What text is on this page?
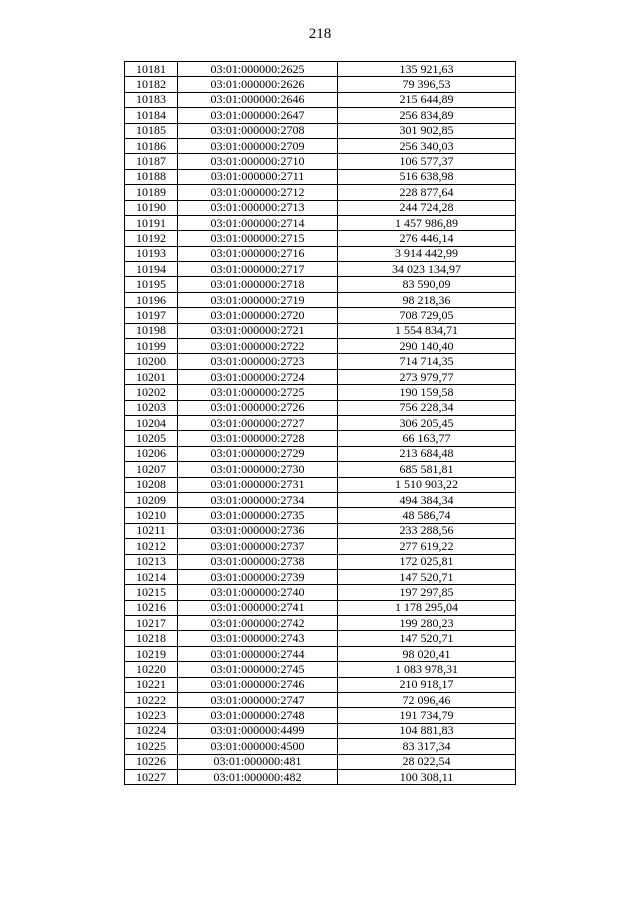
218
10181	03:01:000000:2625	135 921,63
10182	03:01:000000:2626	79 396,53
10183	03:01:000000:2646	215 644,89
10184	03:01:000000:2647	256 834,89
10185	03:01:000000:2708	301 902,85
10186	03:01:000000:2709	256 340,03
10187	03:01:000000:2710	106 577,37
10188	03:01:000000:2711	516 638,98
10189	03:01:000000:2712	228 877,64
10190	03:01:000000:2713	244 724,28
10191	03:01:000000:2714	1 457 986,89
10192	03:01:000000:2715	276 446,14
10193	03:01:000000:2716	3 914 442,99
10194	03:01:000000:2717	34 023 134,97
10195	03:01:000000:2718	83 590,09
10196	03:01:000000:2719	98 218,36
10197	03:01:000000:2720	708 729,05
10198	03:01:000000:2721	1 554 834,71
10199	03:01:000000:2722	290 140,40
10200	03:01:000000:2723	714 714,35
10201	03:01:000000:2724	273 979,77
10202	03:01:000000:2725	190 159,58
10203	03:01:000000:2726	756 228,34
10204	03:01:000000:2727	306 205,45
10205	03:01:000000:2728	66 163,77
10206	03:01:000000:2729	213 684,48
10207	03:01:000000:2730	685 581,81
10208	03:01:000000:2731	1 510 903,22
10209	03:01:000000:2734	494 384,34
10210	03:01:000000:2735	48 586,74
10211	03:01:000000:2736	233 288,56
10212	03:01:000000:2737	277 619,22
10213	03:01:000000:2738	172 025,81
10214	03:01:000000:2739	147 520,71
10215	03:01:000000:2740	197 297,85
10216	03:01:000000:2741	1 178 295,04
10217	03:01:000000:2742	199 280,23
10218	03:01:000000:2743	147 520,71
10219	03:01:000000:2744	98 020,41
10220	03:01:000000:2745	1 083 978,31
10221	03:01:000000:2746	210 918,17
10222	03:01:000000:2747	72 096,46
10223	03:01:000000:2748	191 734,79
10224	03:01:000000:4499	104 881,83
10225	03:01:000000:4500	83 317,34
10226	03:01:000000:481	28 022,54
10227	03:01:000000:482	100 308,11
